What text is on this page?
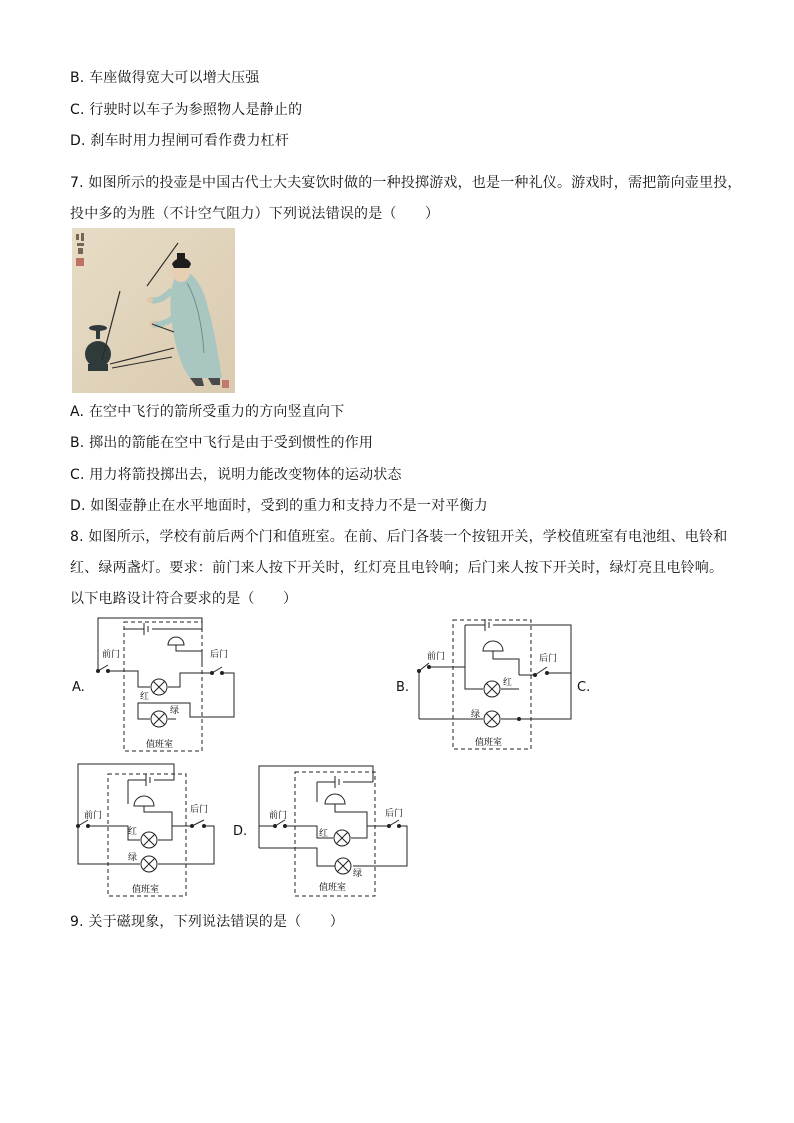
B. 车座做得宽大可以增大压强
C. 行驶时以车子为参照物人是静止的
D. 刹车时用力捏闸可看作费力杠杆
7. 如图所示的投壶是中国古代士大夫宴饮时做的一种投掷游戏，也是一种礼仪。游戏时，需把箭向壶里投，
投中多的为胜（不计空气阻力）下列说法错误的是（　　）
A. 在空中飞行的箭所受重力的方向竖直向下
B. 掷出的箭能在空中飞行是由于受到惯性的作用
C. 用力将箭投掷出去，说明力能改变物体的运动状态
D. 如图壶静止在水平地面时，受到的重力和支持力不是一对平衡力
8. 如图所示，学校有前后两个门和值班室。在前、后门各装一个按钮开关，学校值班室有电池组、电铃和
红、绿两盏灯。要求：前门来人按下开关时，红灯亮且电铃响；后门来人按下开关时，绿灯亮且电铃响。
以下电路设计符合要求的是（　　）
A.	B.	C.
D.
前门	后门
红
绿
值班室
前门	后门
红
绿
值班室
前门
后门
红
绿
值班室
前门	后门
红
绿
值班室
9. 关于磁现象，下列说法错误的是（　　）
